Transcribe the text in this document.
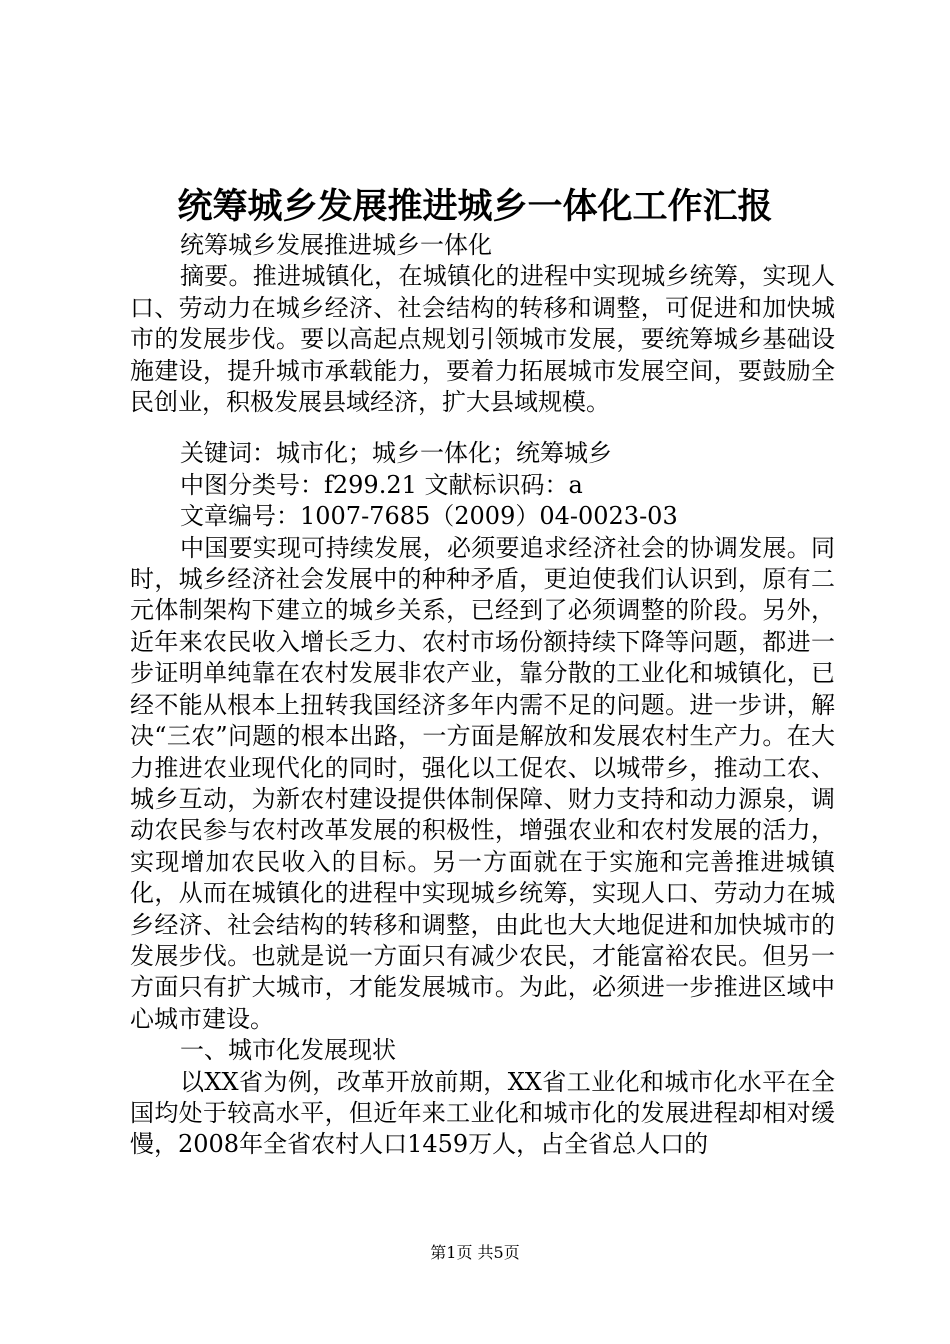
统筹城乡发展推进城乡一体化工作汇报

统筹城乡发展推进城乡一体化

摘要。推进城镇化，在城镇化的进程中实现城乡统筹，实现人口、劳动力在城乡经济、社会结构的转移和调整，可促进和加快城市的发展步伐。要以高起点规划引领城市发展，要统筹城乡基础设施建设，提升城市承载能力，要着力拓展城市发展空间，要鼓励全民创业，积极发展县域经济，扩大县域规模。

关键词：城市化；城乡一体化；统筹城乡

中图分类号：f299.21 文献标识码：a

文章编号：1007-7685（2009）04-0023-03

中国要实现可持续发展，必须要追求经济社会的协调发展。同时，城乡经济社会发展中的种种矛盾，更迫使我们认识到，原有二元体制架构下建立的城乡关系，已经到了必须调整的阶段。另外，近年来农民收入增长乏力、农村市场份额持续下降等问题，都进一步证明单纯靠在农村发展非农产业，靠分散的工业化和城镇化，已经不能从根本上扭转我国经济多年内需不足的问题。进一步讲，解决“三农”问题的根本出路，一方面是解放和发展农村生产力。在大力推进农业现代化的同时，强化以工促农、以城带乡，推动工农、城乡互动，为新农村建设提供体制保障、财力支持和动力源泉，调动农民参与农村改革发展的积极性，增强农业和农村发展的活力，实现增加农民收入的目标。另一方面就在于实施和完善推进城镇化，从而在城镇化的进程中实现城乡统筹，实现人口、劳动力在城乡经济、社会结构的转移和调整，由此也大大地促进和加快城市的发展步伐。也就是说一方面只有减少农民，才能富裕农民。但另一方面只有扩大城市，才能发展城市。为此，必须进一步推进区域中心城市建设。

一、城市化发展现状

以XX省为例，改革开放前期，XX省工业化和城市化水平在全国均处于较高水平，但近年来工业化和城市化的发展进程却相对缓慢，2008年全省农村人口1459万人，占全省总人口的

第1页 共5页
